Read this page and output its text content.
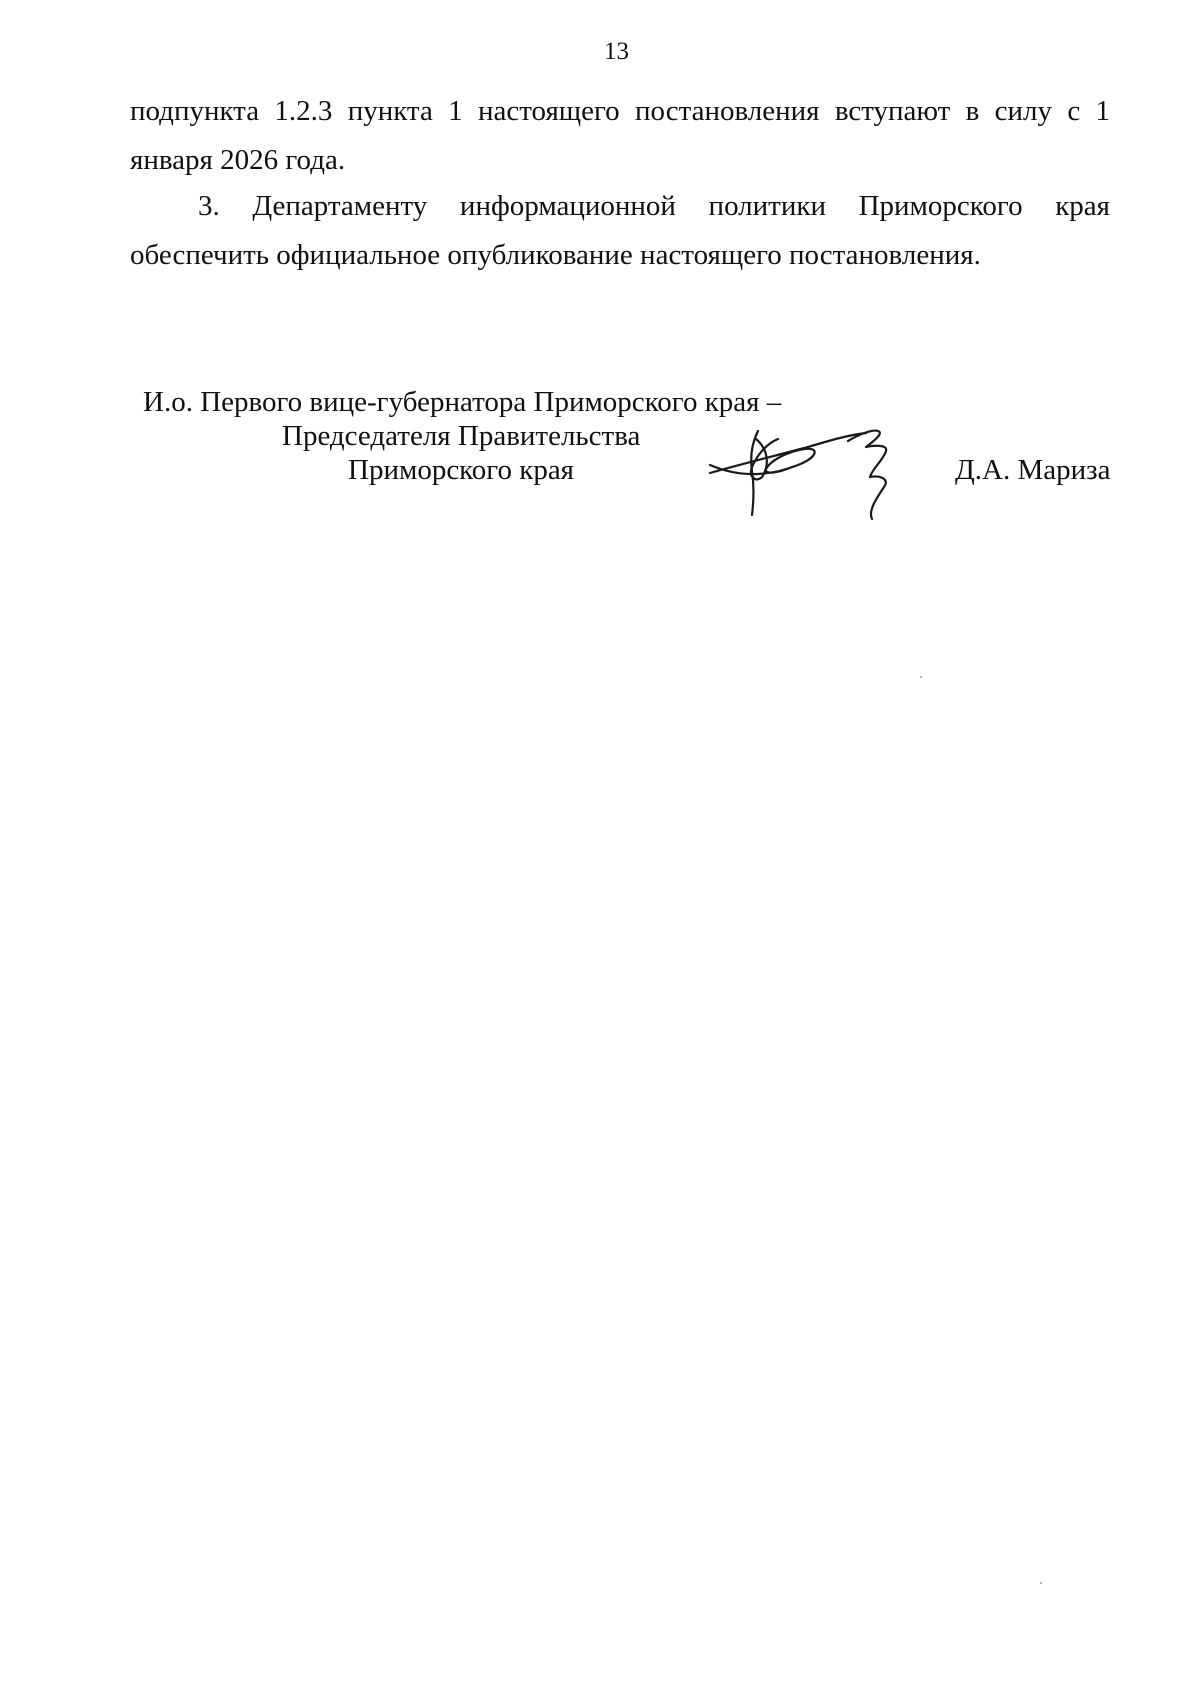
13
подпункта 1.2.3 пункта 1 настоящего постановления вступают в силу с 1 января 2026 года.
3. Департаменту информационной политики Приморского края
обеспечить официальное опубликование настоящего постановления.
И.о. Первого вице-губернатора Приморского края –
Председателя Правительства
Приморского края	Д.А. Мариза
